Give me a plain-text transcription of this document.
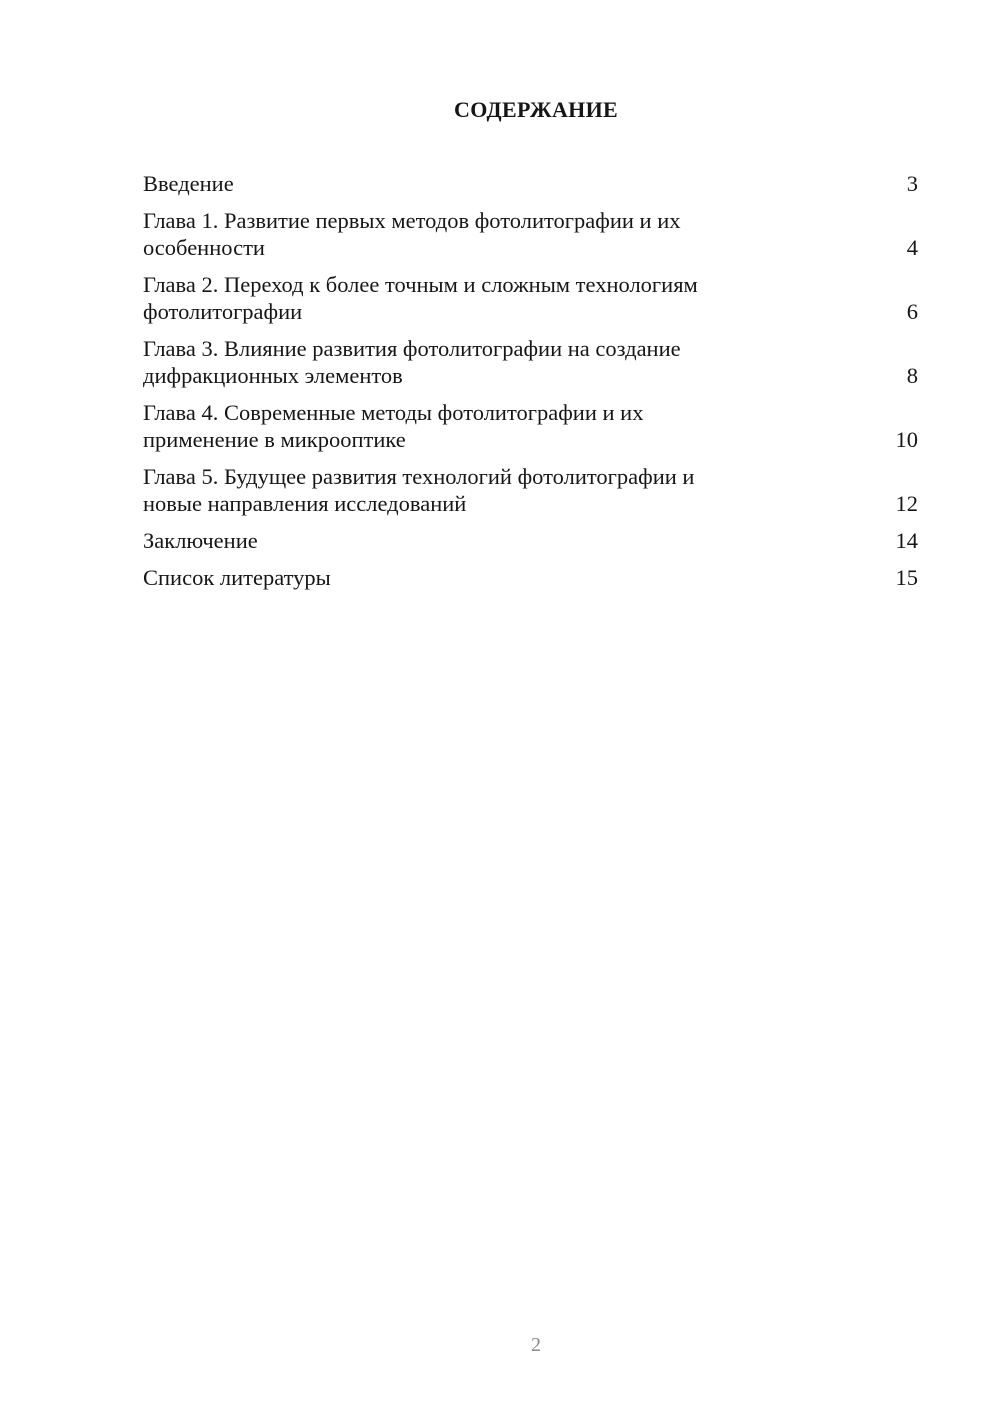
СОДЕРЖАНИЕ
Введение	3
Глава 1. Развитие первых методов фотолитографии и их
особенности	4
Глава 2. Переход к более точным и сложным технологиям
фотолитографии	6
Глава 3. Влияние развития фотолитографии на создание
дифракционных элементов	8
Глава 4. Современные методы фотолитографии и их
применение в микрооптике	10
Глава 5. Будущее развития технологий фотолитографии и
новые направления исследований	12
Заключение	14
Список литературы	15
2
